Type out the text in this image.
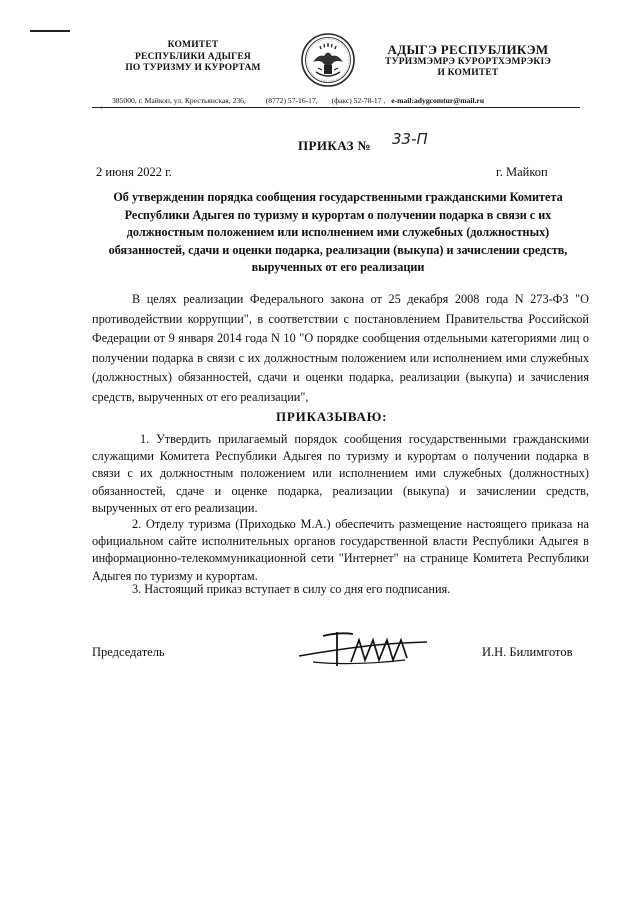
КОМИТЕТ
РЕСПУБЛИКИ АДЫГЕЯ
ПО ТУРИЗМУ И КУРОРТАМ
АДЫГЭ РЕСПУБЛИКЭМ
ТУРИЗМЭМРЭ КУРОРТХЭМРЭКІЭ
И КОМИТЕТ
385000, г. Майкоп, ул. Крестьянская, 236,	(8772) 57-16-17, (факс) 52-78-17 , e-mail:adygcomtur@mail.ru
◦
ПРИКАЗ № 33-П
2 июня 2022 г.	г. Майкоп
Об утверждении порядка сообщения государственными гражданскими Комитета Республики Адыгея по туризму и курортам о получении подарка в связи с их должностным положением или исполнением ими служебных (должностных) обязанностей, сдачи и оценки подарка, реализации (выкупа) и зачислении средств, вырученных от его реализации

В целях реализации Федерального закона от 25 декабря 2008 года N 273-ФЗ "О противодействии коррупции", в соответствии с постановлением Правительства Российской Федерации от 9 января 2014 года N 10 "О порядке сообщения отдельными категориями лиц о получении подарка в связи с их должностным положением или исполнением ими служебных (должностных) обязанностей, сдачи и оценки подарка, реализации (выкупа) и зачисления средств, вырученных от его реализации",

ПРИКАЗЫВАЮ:

1. Утвердить прилагаемый порядок сообщения государственными гражданскими служащими Комитета Республики Адыгея по туризму и курортам о получении подарка в связи с их должностным положением или исполнением ими служебных (должностных) обязанностей, сдаче и оценке подарка, реализации (выкупа) и зачислении средств, вырученных от его реализации.

2. Отделу туризма (Приходько М.А.) обеспечить размещение настоящего приказа на официальном сайте исполнительных органов государственной власти Республики Адыгея в информационно-телекоммуникационной сети "Интернет" на странице Комитета Республики Адыгея по туризму и курортам.

3. Настоящий приказ вступает в силу со дня его подписания.
Председатель	И.Н. Билимготов
